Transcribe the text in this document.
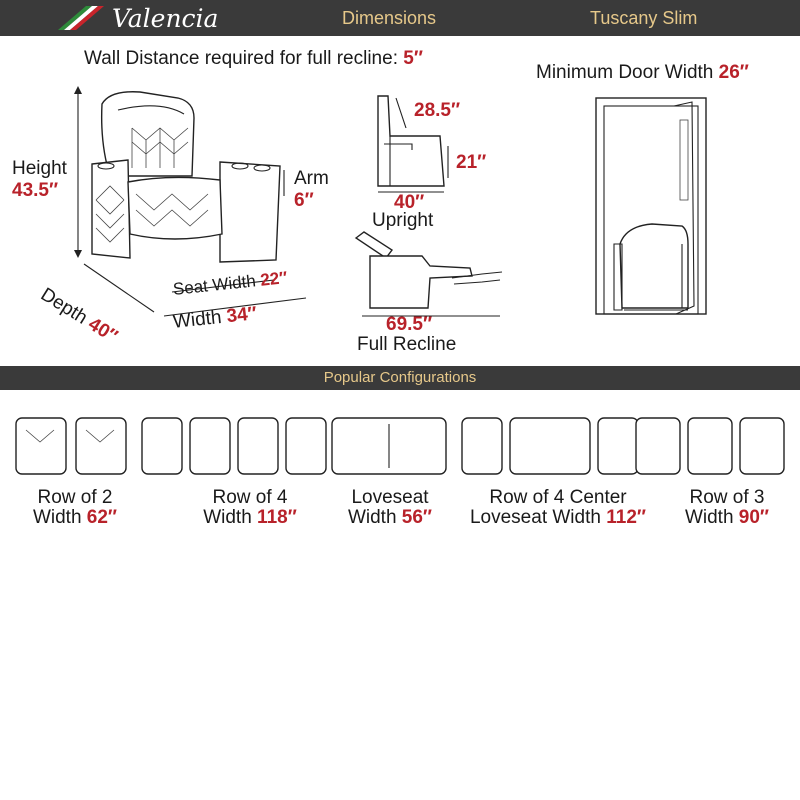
Valencia	Dimensions	Tuscany Slim
Wall Distance required for full recline: 5″
Height
43.5″
Arm
6″
Depth 40″
Seat Width 22″
Width 34″
28.5″
21″
40″
Upright
69.5″
Full Recline
Minimum Door Width 26″
Popular Configurations
Row of 2
Width 62″
Row of 4
Width 118″
Loveseat
Width 56″
Row of 4 Center
Loveseat Width 112″
Row of 3
Width 90″
